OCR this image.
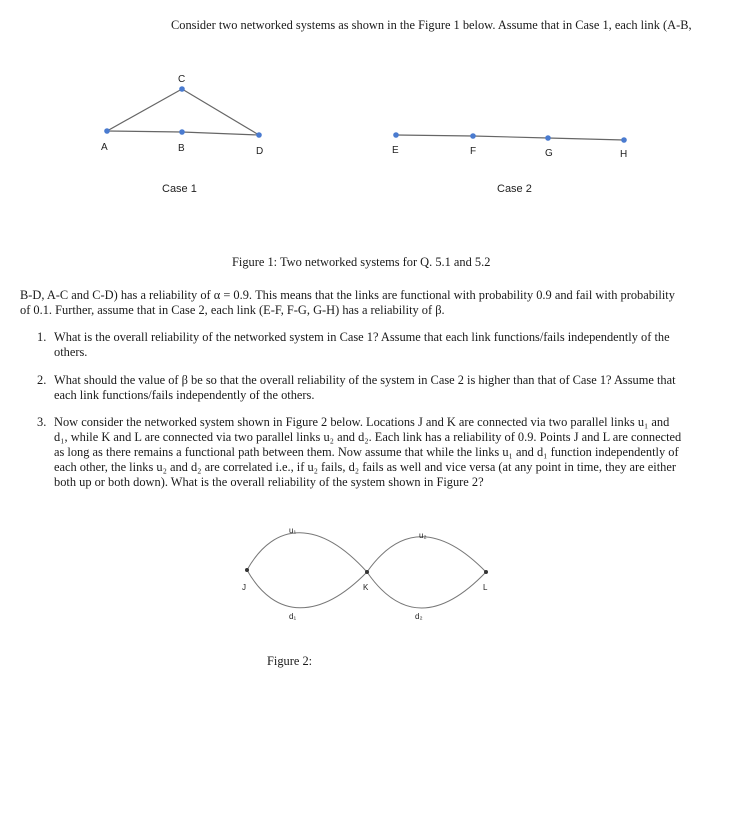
Consider two networked systems as shown in the Figure 1 below. Assume that in Case 1, each link (A-B,
C
A	B	D	E	F	G	H
Case 1	Case 2
Figure 1: Two networked systems for Q. 5.1 and 5.2
B-D, A-C and C-D) has a reliability of α = 0.9. This means that the links are functional with probability 0.9 and fail with probability
of 0.1. Further, assume that in Case 2, each link (E-F, F-G, G-H) has a reliability of β.
1. What is the overall reliability of the networked system in Case 1? Assume that each link functions/fails independently of the
others.
2. What should the value of β be so that the overall reliability of the system in Case 2 is higher than that of Case 1? Assume that
each link functions/fails independently of the others.
3. Now consider the networked system shown in Figure 2 below. Locations J and K are connected via two parallel links u₁ and
d₁, while K and L are connected via two parallel links u₂ and d₂. Each link has a reliability of 0.9. Points J and L are connected
as long as there remains a functional path between them. Now assume that while the links u₁ and d₁ function independently of
each other, the links u₂ and d₂ are correlated i.e., if u₂ fails, d₂ fails as well and vice versa (at any point in time, they are either
both up or both down). What is the overall reliability of the system shown in Figure 2?
u₁
d₁
u₂
d₂
J	K	L
Figure 2:
